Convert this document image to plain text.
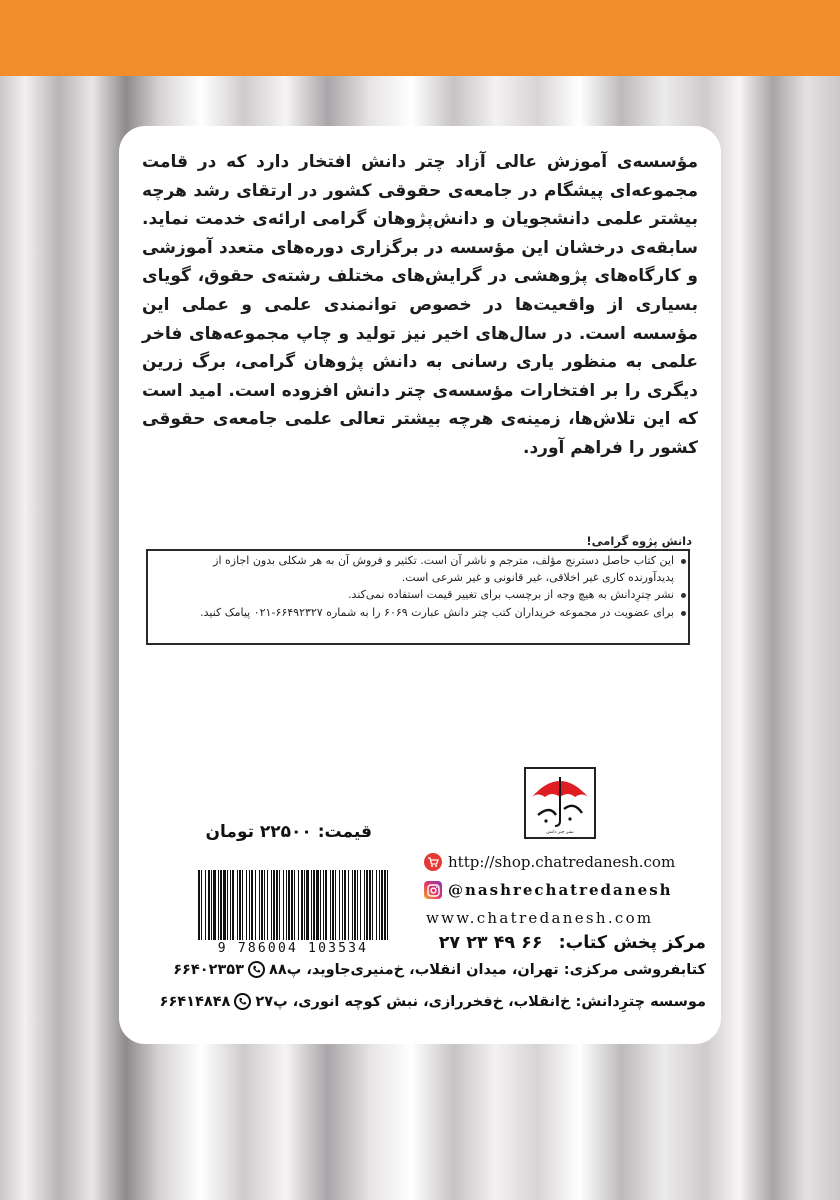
مؤسسه‌ی آموزش عالی آزاد چتر دانش افتخار دارد که در قامت مجموعه‌ای پیشگام در جامعه‌ی حقوقی کشور در ارتقای رشد هرچه بیشتر علمی دانشجویان و دانش‌پژوهان گرامی ارائه‌ی خدمت نماید. سابقه‌ی درخشان این مؤسسه در برگزاری دوره‌های متعدد آموزشی و کارگاه‌های پژوهشی در گرایش‌های مختلف رشته‌ی حقوق، گویای بسیاری از واقعیت‌ها در خصوص توانمندی علمی و عملی این مؤسسه است. در سال‌های اخیر نیز تولید و چاپ مجموعه‌های فاخر علمی به منظور یاری رسانی به دانش پژوهان گرامی، برگ زرین دیگری را بر افتخارات مؤسسه‌ی چتر دانش افزوده است. امید است که این تلاش‌ها، زمینه‌ی هرچه بیشتر تعالی علمی جامعه‌ی حقوقی کشور را فراهم آورد.

دانش پژوه گرامی!
این کتاب حاصل دسترنج مؤلف، مترجم و ناشر آن است. تکثیر و فروش آن به هر شکلی بدون اجازه از پدیدآورنده کاری غیر اخلاقی، غیر قانونی و غیر شرعی است.
نشر چترِدانش به هیچ وجه از برچسب برای تغییر قیمت استفاده نمی‌کند.
برای عضویت در مجموعه خریداران کتب چتر دانش عبارت ۶۰۶۹ را به شماره ۶۶۴۹۲۳۲۷-۰۲۱ پیامک کنید.
نشر چتر دانش
قیمت: ۲۲۵۰۰ تومان
9 786004 103534
http://shop.chatredanesh.com
@nashrechatredanesh
www.chatredanesh.com
مرکز پخش کتاب: ۶۶ ۴۹ ۲۳ ۲۷
کتابفروشی مرکزی: تهران، میدان انقلاب، خ‌منیری‌جاوید، پ۸۸
۶۶۴۰۲۳۵۳
موسسه چترِدانش: خ‌انقلاب، خ‌فخررازی، نبش کوچه انوری، پ۲۷
۶۶۴۱۴۸۴۸
